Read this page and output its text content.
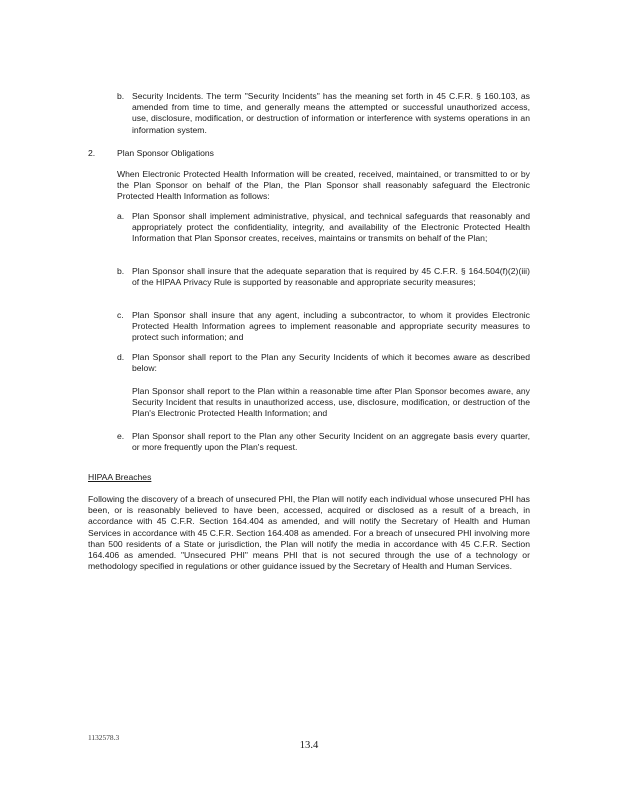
b. Security Incidents. The term "Security Incidents" has the meaning set forth in 45 C.F.R. § 160.103, as amended from time to time, and generally means the attempted or successful unauthorized access, use, disclosure, modification, or destruction of information or interference with systems operations in an information system.

2.	Plan Sponsor Obligations

When Electronic Protected Health Information will be created, received, maintained, or transmitted to or by the Plan Sponsor on behalf of the Plan, the Plan Sponsor shall reasonably safeguard the Electronic Protected Health Information as follows:

a. Plan Sponsor shall implement administrative, physical, and technical safeguards that reasonably and appropriately protect the confidentiality, integrity, and availability of the Electronic Protected Health Information that Plan Sponsor creates, receives, maintains or transmits on behalf of the Plan;

b. Plan Sponsor shall insure that the adequate separation that is required by 45 C.F.R. § 164.504(f)(2)(iii) of the HIPAA Privacy Rule is supported by reasonable and appropriate security measures;

c. Plan Sponsor shall insure that any agent, including a subcontractor, to whom it provides Electronic Protected Health Information agrees to implement reasonable and appropriate security measures to protect such information; and

d. Plan Sponsor shall report to the Plan any Security Incidents of which it becomes aware as described below:

Plan Sponsor shall report to the Plan within a reasonable time after Plan Sponsor becomes aware, any Security Incident that results in unauthorized access, use, disclosure, modification, or destruction of the Plan's Electronic Protected Health Information; and

e. Plan Sponsor shall report to the Plan any other Security Incident on an aggregate basis every quarter, or more frequently upon the Plan's request.

HIPAA Breaches

Following the discovery of a breach of unsecured PHI, the Plan will notify each individual whose unsecured PHI has been, or is reasonably believed to have been, accessed, acquired or disclosed as a result of a breach, in accordance with 45 C.F.R. Section 164.404 as amended, and will notify the Secretary of Health and Human Services in accordance with 45 C.F.R. Section 164.408 as amended. For a breach of unsecured PHI involving more than 500 residents of a State or jurisdiction, the Plan will notify the media in accordance with 45 C.F.R. Section 164.406 as amended. "Unsecured PHI" means PHI that is not secured through the use of a technology or methodology specified in regulations or other guidance issued by the Secretary of Health and Human Services.

1132578.3
13.4
